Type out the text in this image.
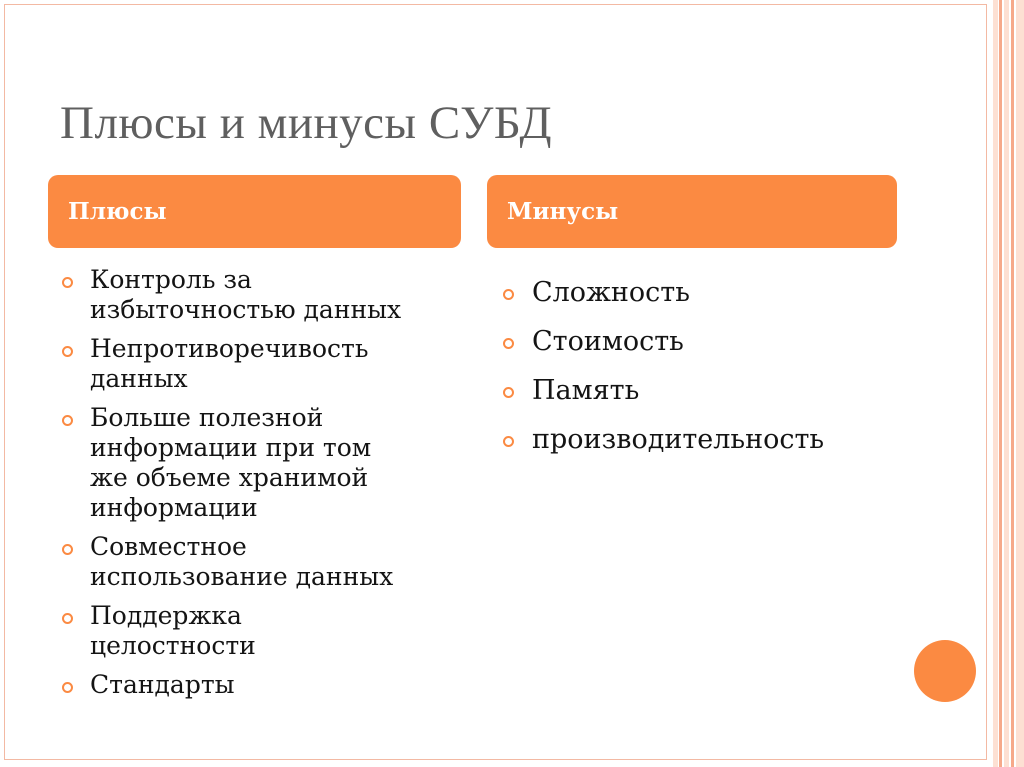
Плюсы и минусы СУБД
Плюсы	Минусы
Контроль за
избыточностью данных
Непротиворечивость
данных
Больше полезной
информации при том
же объеме хранимой
информации
Совместное
использование данных
Поддержка
целостности
Стандарты
Сложность
Стоимость
Память
производительность
